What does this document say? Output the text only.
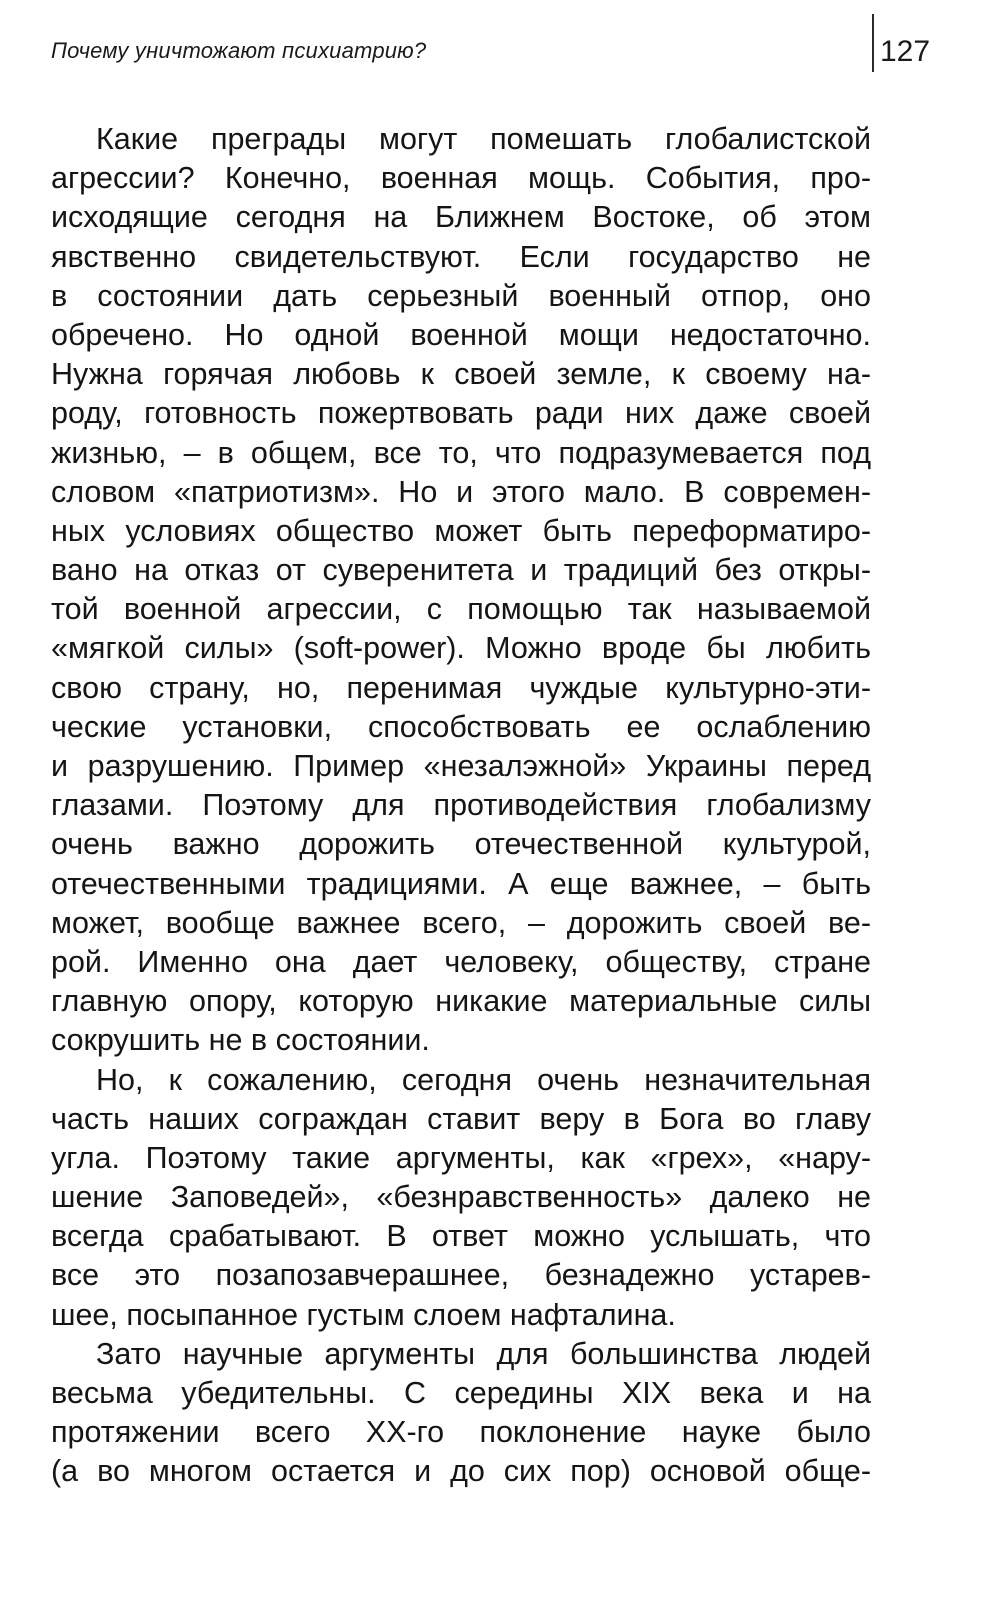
Почему уничтожают психиатрию?	127
Какие преграды могут помешать глобалистской
агрессии? Конечно, военная мощь. События, про-
исходящие сегодня на Ближнем Востоке, об этом
явственно свидетельствуют. Если государство не
в состоянии дать серьезный военный отпор, оно
обречено. Но одной военной мощи недостаточно.
Нужна горячая любовь к своей земле, к своему на-
роду, готовность пожертвовать ради них даже своей
жизнью, – в общем, все то, что подразумевается под
словом «патриотизм». Но и этого мало. В современ-
ных условиях общество может быть переформатиро-
вано на отказ от суверенитета и традиций без откры-
той военной агрессии, с помощью так называемой
«мягкой силы» (soft-power). Можно вроде бы любить
свою страну, но, перенимая чуждые культурно-эти-
ческие установки, способствовать ее ослаблению
и разрушению. Пример «незалэжной» Украины перед
глазами. Поэтому для противодействия глобализму
очень важно дорожить отечественной культурой,
отечественными традициями. А еще важнее, – быть
может, вообще важнее всего, – дорожить своей ве-
рой. Именно она дает человеку, обществу, стране
главную опору, которую никакие материальные силы
сокрушить не в состоянии.
Но, к сожалению, сегодня очень незначительная
часть наших сограждан ставит веру в Бога во главу
угла. Поэтому такие аргументы, как «грех», «нару-
шение Заповедей», «безнравственность» далеко не
всегда срабатывают. В ответ можно услышать, что
все это позапозавчерашнее, безнадежно устарев-
шее, посыпанное густым слоем нафталина.
Зато научные аргументы для большинства людей
весьма убедительны. С середины XIX века и на
протяжении всего XX-го поклонение науке было
(а во многом остается и до сих пор) основой обще-
